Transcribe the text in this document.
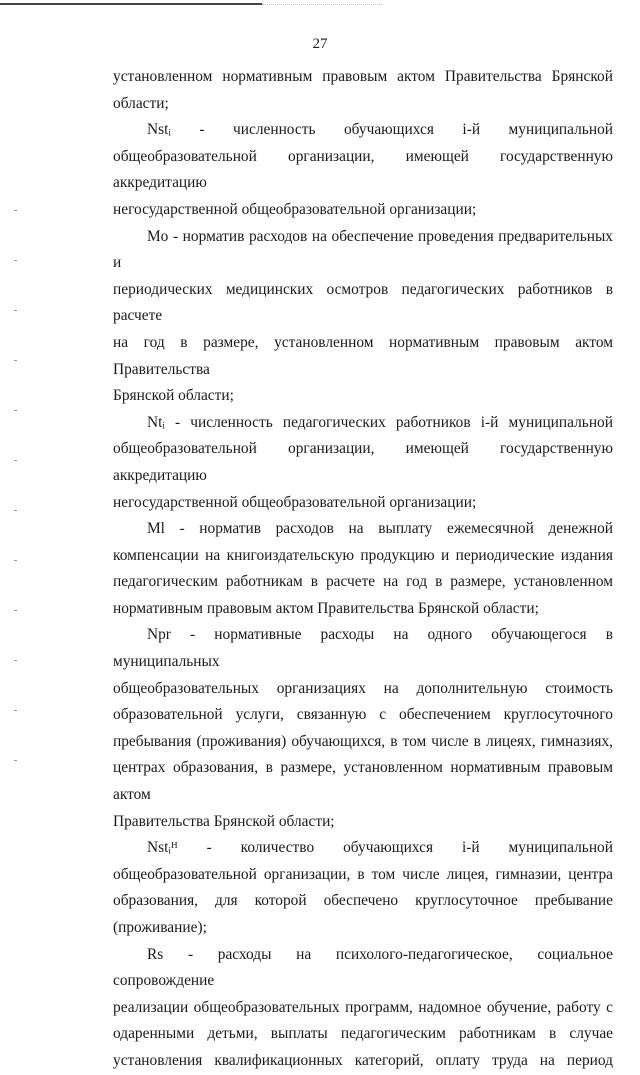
27

установленном нормативным правовым актом Правительства Брянской

области;

Nstᵢ - численность обучающихся i-й муниципальной

общеобразовательной организации, имеющей государственную аккредитацию

негосударственной общеобразовательной организации;

Mo - норматив расходов на обеспечение проведения предварительных и

периодических медицинских осмотров педагогических работников в расчете

на год в размере, установленном нормативным правовым актом Правительства

Брянской области;

Ntᵢ - численность педагогических работников i-й муниципальной

общеобразовательной организации, имеющей государственную аккредитацию

негосударственной общеобразовательной организации;

Ml - норматив расходов на выплату ежемесячной денежной

компенсации на книгоиздательскую продукцию и периодические издания

педагогическим работникам в расчете на год в размере, установленном

нормативным правовым актом Правительства Брянской области;

Npr - нормативные расходы на одного обучающегося в муниципальных

общеобразовательных организациях на дополнительную стоимость

образовательной услуги, связанную с обеспечением круглосуточного

пребывания (проживания) обучающихся, в том числе в лицеях, гимназиях,

центрах образования, в размере, установленном нормативным правовым актом

Правительства Брянской области;

Nstᵢᴴ - количество обучающихся i-й муниципальной

общеобразовательной организации, в том числе лицея, гимназии, центра

образования, для которой обеспечено круглосуточное пребывание

(проживание);

Rs - расходы на психолого-педагогическое, социальное сопровождение

реализации общеобразовательных программ, надомное обучение, работу с

одаренными детьми, выплаты педагогическим работникам в случае

установления квалификационных категорий, оплату труда на период
